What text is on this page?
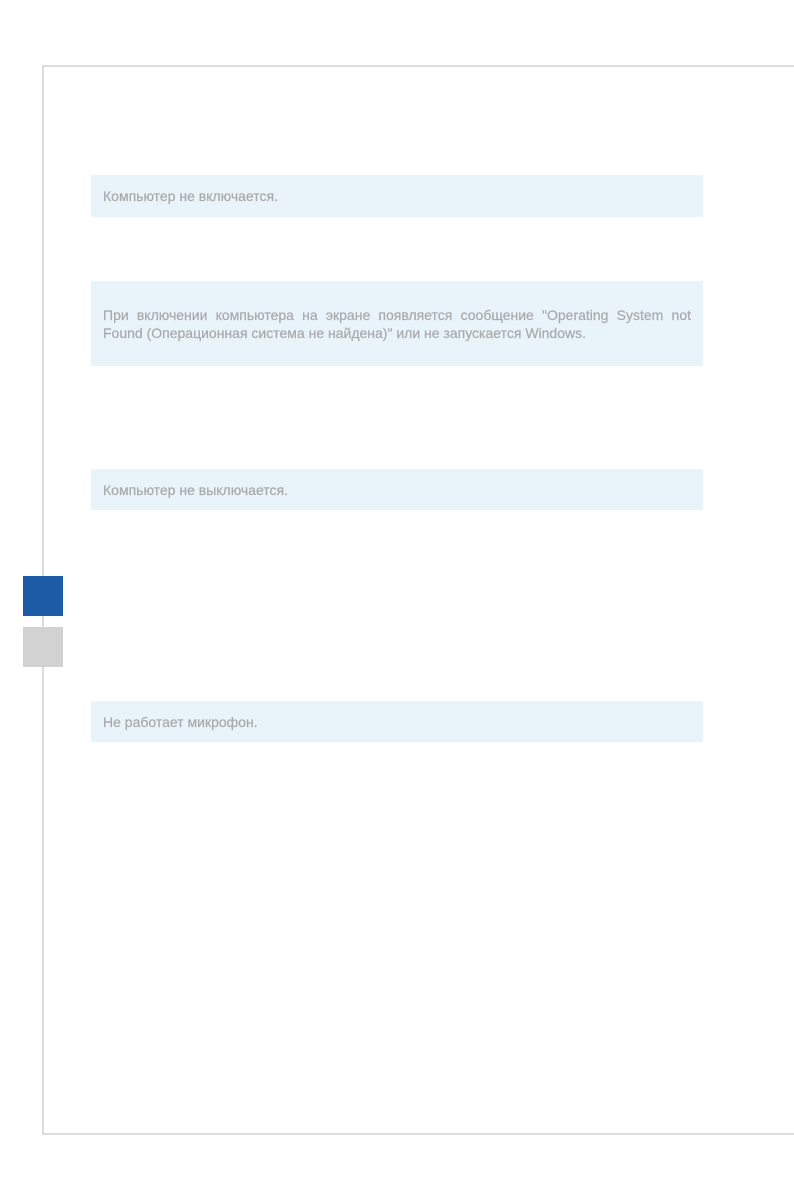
Компьютер не включается.
При включении компьютера на экране появляется сообщение "Operating System not Found (Операционная система не найдена)" или не запускается Windows.
Компьютер не выключается.
Не работает микрофон.
